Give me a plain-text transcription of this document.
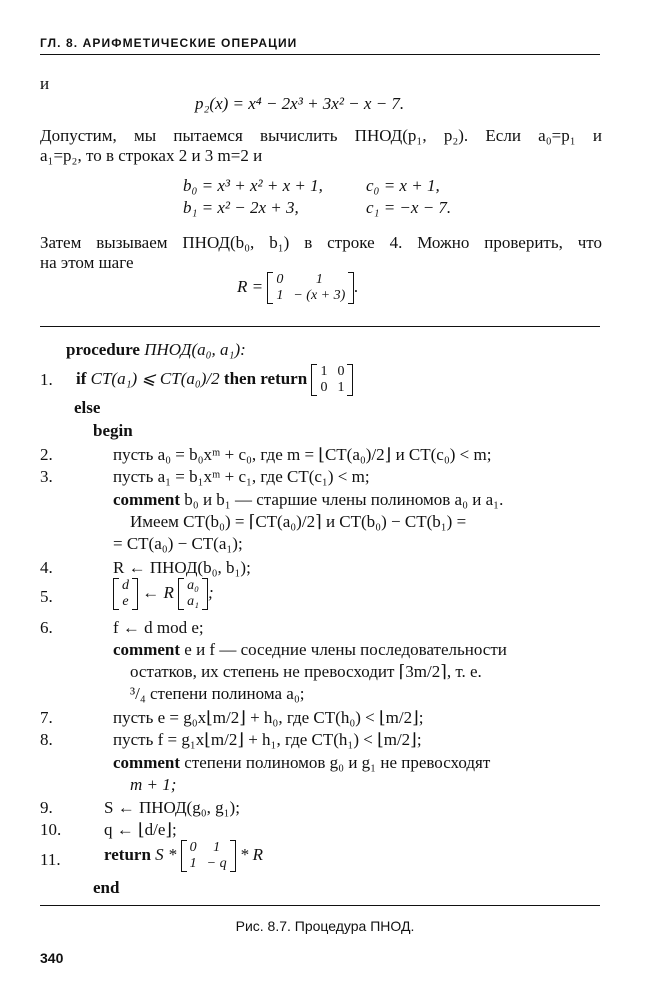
ГЛ. 8. АРИФМЕТИЧЕСКИЕ ОПЕРАЦИИ
и
p₂(x) = x⁴ − 2x³ + 3x² − x − 7.
Допустим, мы пытаемся вычислить ПНОД(p₁, p₂). Если a₀=p₁ и
a₁=p₂, то в строках 2 и 3 m=2 и
b₀ = x³ + x² + x + 1,	c₀ = x + 1,
b₁ = x² − 2x + 3,	c₁ = −x − 7.
Затем вызываем ПНОД(b₀, b₁) в строке 4. Можно проверить, что
на этом шаге
R = 0	1
1	− (x + 3) .
procedure ПНОД(a₀, a₁):
1. if CT(a₁) ⩽ CT(a₀)/2 then return 1	0
0	1
else
begin
2.	пусть a₀ = b₀xᵐ + c₀, где m = ⌊CT(a₀)/2⌋ и CT(c₀) < m;
3.	пусть a₁ = b₁xᵐ + c₁, где CT(c₁) < m;
comment b₀ и b₁ — старшие члены полиномов a₀ и a₁.
Имеем CT(b₀) = ⌈CT(a₀)/2⌉ и CT(b₀) − CT(b₁) =
= CT(a₀) − CT(a₁);
4.	R ← ПНОД(b₀, b₁);
5.
d
e ← R a₀
a₁ ;
6.	f ← d mod e;
comment e и f — соседние члены последовательности
остатков, их степень не превосходит ⌈3m/2⌉, т. е.
³/₄ степени полинома a₀;
7.	пусть e = g₀x⌊m/2⌋ + h₀, где CT(h₀) < ⌊m/2⌋;
8.	пусть f = g₁x⌊m/2⌋ + h₁, где CT(h₁) < ⌊m/2⌋;
comment степени полиномов g₀ и g₁ не превосходят
m + 1;
9.	S ← ПНОД(g₀, g₁);
10.	q ← ⌊d/e⌋;
11.	return S * 0	1
1	− q * R
end
Рис. 8.7. Процедура ПНОД.
340
